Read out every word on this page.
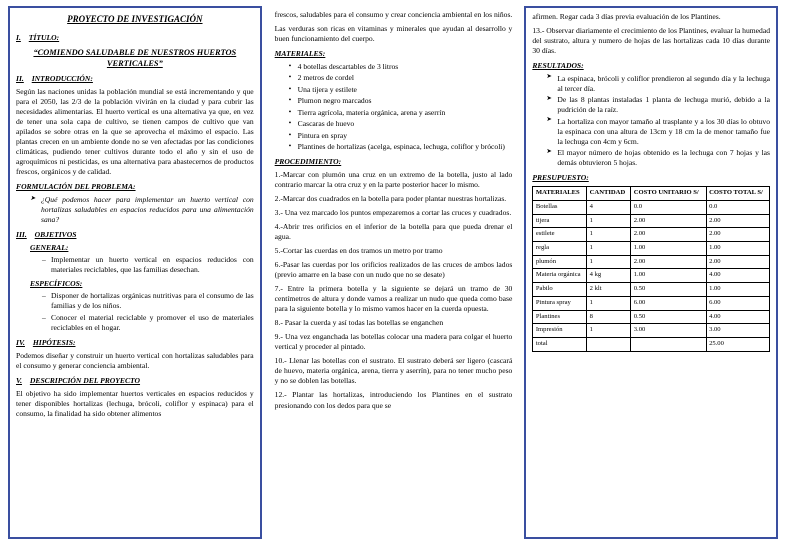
PROYECTO DE INVESTIGACIÓN
I. TÍTULO:
“COMIENDO SALUDABLE DE NUESTROS HUERTOS VERTICALES”
II. INTRODUCCIÓN:

Según las naciones unidas la población mundial se está incrementando y que para el 2050, las 2/3 de la población vivirán en la ciudad y para cubrir las necesidades alimentarias. El huerto vertical es una alternativa ya que, en vez de tener una sola capa de cultivo, se tienen campos de cultivo que van apilados se sobre otras en la que se aprovecha el máximo el espacio. Las plantas crecen en un ambiente donde no se ven afectadas por las condiciones climáticas, pudiendo tener cultivos durante todo el año y sin el uso de agroquímicos ni pesticidas, es una alternativa para abastecernos de productos frescos, orgánicos y de calidad.

FORMULACIÓN DEL PROBLEMA:
➤ ¿Qué podemos hacer para implementar un huerto vertical con hortalizas saludables en espacios reducidos para una alimentación sana?
III. OBJETIVOS
GENERAL:
– Implementar un huerto vertical en espacios reducidos con materiales reciclables, que las familias desechan.
ESPECÍFICOS:
– Disponer de hortalizas orgánicas nutritivas para el consumo de las familias y de los niños.
– Conocer el material reciclable y promover el uso de materiales reciclables en el hogar.
IV. HIPÓTESIS:

Podemos diseñar y construir un huerto vertical con hortalizas saludables para el consumo y generar conciencia ambiental.

V. DESCRIPCIÓN DEL PROYECTO

El objetivo ha sido implementar huertos verticales en espacios reducidos y tener disponibles hortalizas (lechuga, brócoli, coliflor y espinaca) para el consumo, la finalidad ha sido obtener alimentos

frescos, saludables para el consumo y crear conciencia ambiental en los niños.

Las verduras son ricas en vitaminas y minerales que ayudan al desarrollo y buen funcionamiento del cuerpo.

MATERIALES:
• 4 botellas descartables de 3 litros
• 2 metros de cordel
• Una tijera y estilete
• Plumon negro marcados
• Tierra agrícola, materia orgánica, arena y aserrín
• Cascaras de huevo
• Pintura en spray
• Plantines de hortalizas (acelga, espinaca, lechuga, coliflor y brócoli)
PROCEDIMIENTO:

1.-Marcar con plumón una cruz en un extremo de la botella, justo al lado contrario marcar la otra cruz y en la parte posterior hacer lo mismo.

2.-Marcar dos cuadrados en la botella para poder plantar nuestras hortalizas.

3.- Una vez marcado los puntos empezaremos a cortar las cruces y cuadrados.

4.-Abrir tres orificios en el inferior de la botella para que pueda drenar el agua.

5.-Cortar las cuerdas en dos tramos un metro por tramo

6.-Pasar las cuerdas por los orificios realizados de las cruces de ambos lados (previo amarre en la base con un nudo que no se desate)

7.- Entre la primera botella y la siguiente se dejará un tramo de 30 centímetros de altura y donde vamos a realizar un nudo que queda como base para la siguiente botella y lo mismo vamos hacer en la cuerda opuesta.

8.- Pasar la cuerda y así todas las botellas se enganchen

9.- Una vez enganchada las botellas colocar una madera para colgar el huerto vertical y proceder al pintado.

10.- Llenar las botellas con el sustrato. El sustrato deberá ser ligero (cascará de huevo, materia orgánica, arena, tierra y aserrín), para no tener mucho peso y no se doblen las botellas.

12.- Plantar las hortalizas, introduciendo los Plantines en el sustrato presionando con los dedos para que se

afirmen. Regar cada 3 días previa evaluación de los Plantines.

13.- Observar diariamente el crecimiento de los Plantines, evaluar la humedad del sustrato, altura y numero de hojas de las hortalizas cada 10 días durante 30 días.

RESULTADOS:
➤ La espinaca, brócoli y coliflor prendieron al segundo día y la lechuga al tercer día.
➤ De las 8 plantas instaladas 1 planta de lechuga murió, debido a la pudrición de la raíz.
➤ La hortaliza con mayor tamaño al trasplante y a los 30 días lo obtuvo la espinaca con una altura de 13cm y 18 cm la de menor tamaño fue la lechuga con 4cm y 6cm.
➤ El mayor número de hojas obtenido es la lechuga con 7 hojas y las demás obtuvieron 5 hojas.
PRESUPUESTO:
MATERIALES	CANTIDAD	COSTO UNITARIO S/	COSTO TOTAL S/
Botellas	4	0.0	0.0
tijera	1	2.00	2.00
estilete	1	2.00	2.00
regla	1	1.00	1.00
plumón	1	2.00	2.00
Materia orgánica	4 kg	1.00	4.00
Pabilo	2 klt	0.50	1.00
Pintura spray	1	6.00	6.00
Plantines	8	0.50	4.00
Impresión	1	3.00	3.00
total			25.00
